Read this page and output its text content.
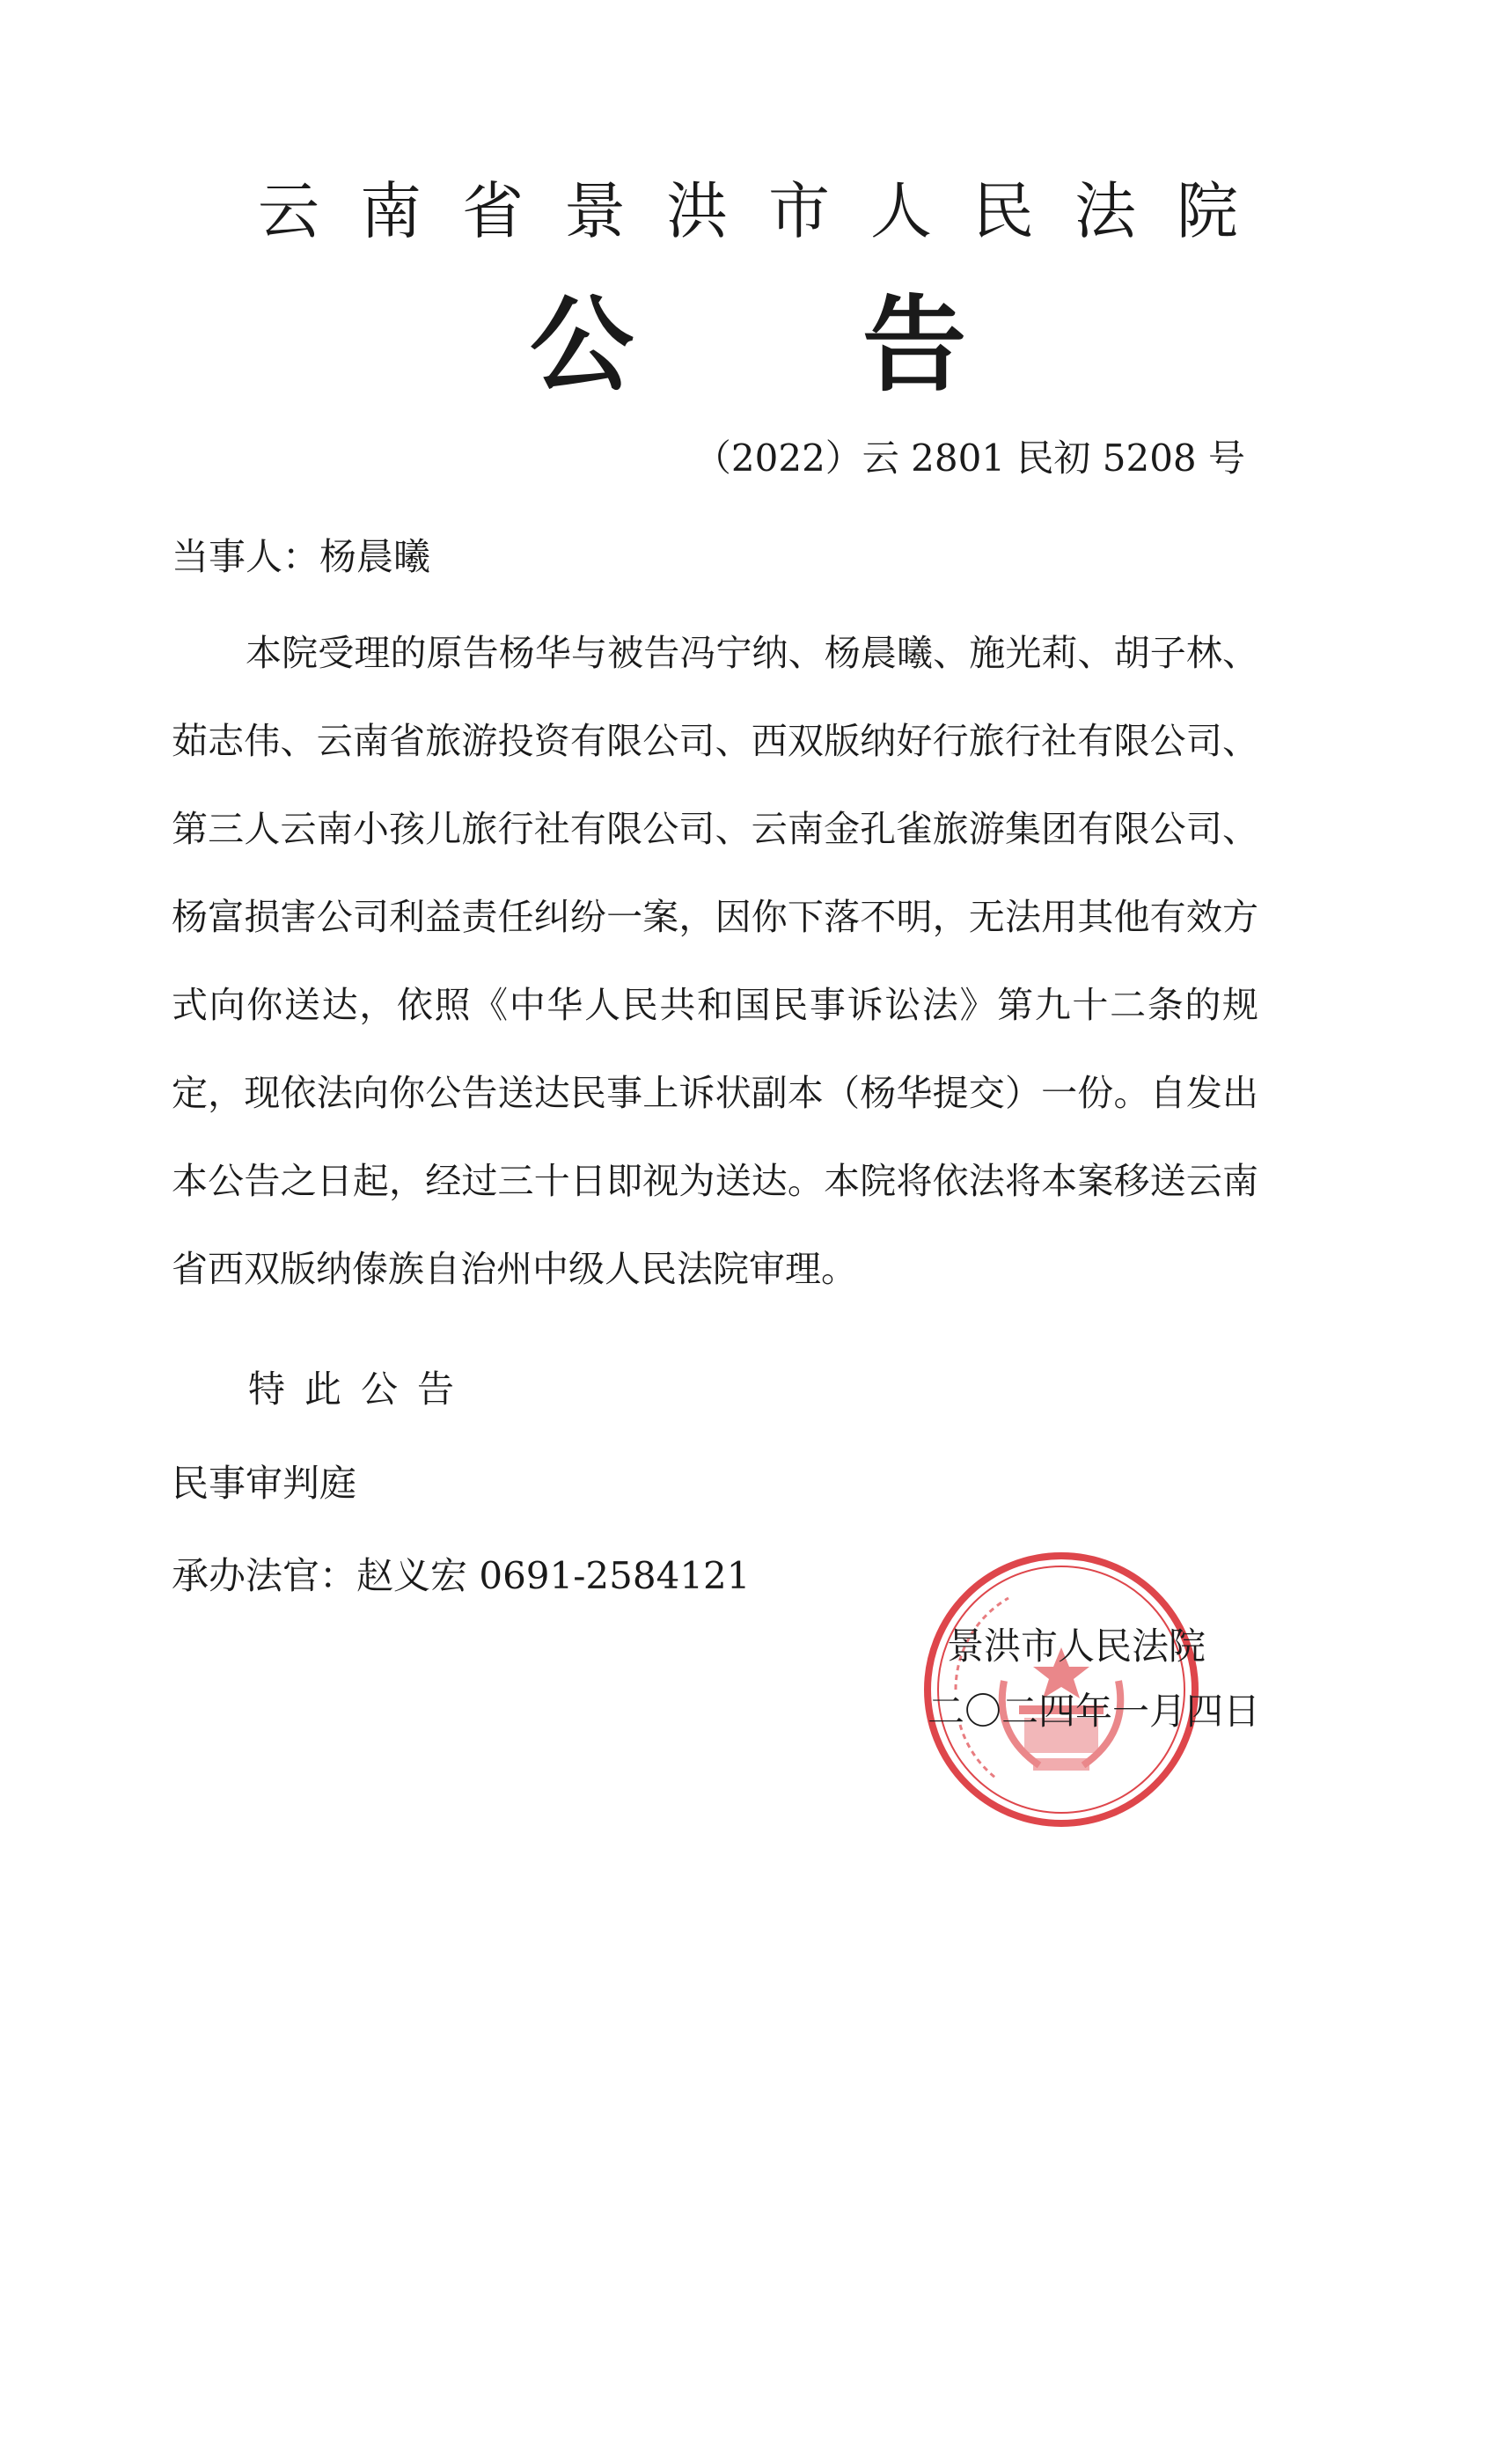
云南省景洪市人民法院
公 告
（2022）云 2801 民初 5208 号
当事人：杨晨曦

本院受理的原告杨华与被告冯宁纳、杨晨曦、施光莉、胡子林、茹志伟、云南省旅游投资有限公司、西双版纳好行旅行社有限公司、第三人云南小孩儿旅行社有限公司、云南金孔雀旅游集团有限公司、杨富损害公司利益责任纠纷一案，因你下落不明，无法用其他有效方式向你送达，依照《中华人民共和国民事诉讼法》第九十二条的规定，现依法向你公告送达民事上诉状副本（杨华提交）一份。自发出本公告之日起，经过三十日即视为送达。本院将依法将本案移送云南省西双版纳傣族自治州中级人民法院审理。

特此公告
民事审判庭
承办法官：赵义宏 0691-2584121
景洪市人民法院
二〇二四年一月四日
